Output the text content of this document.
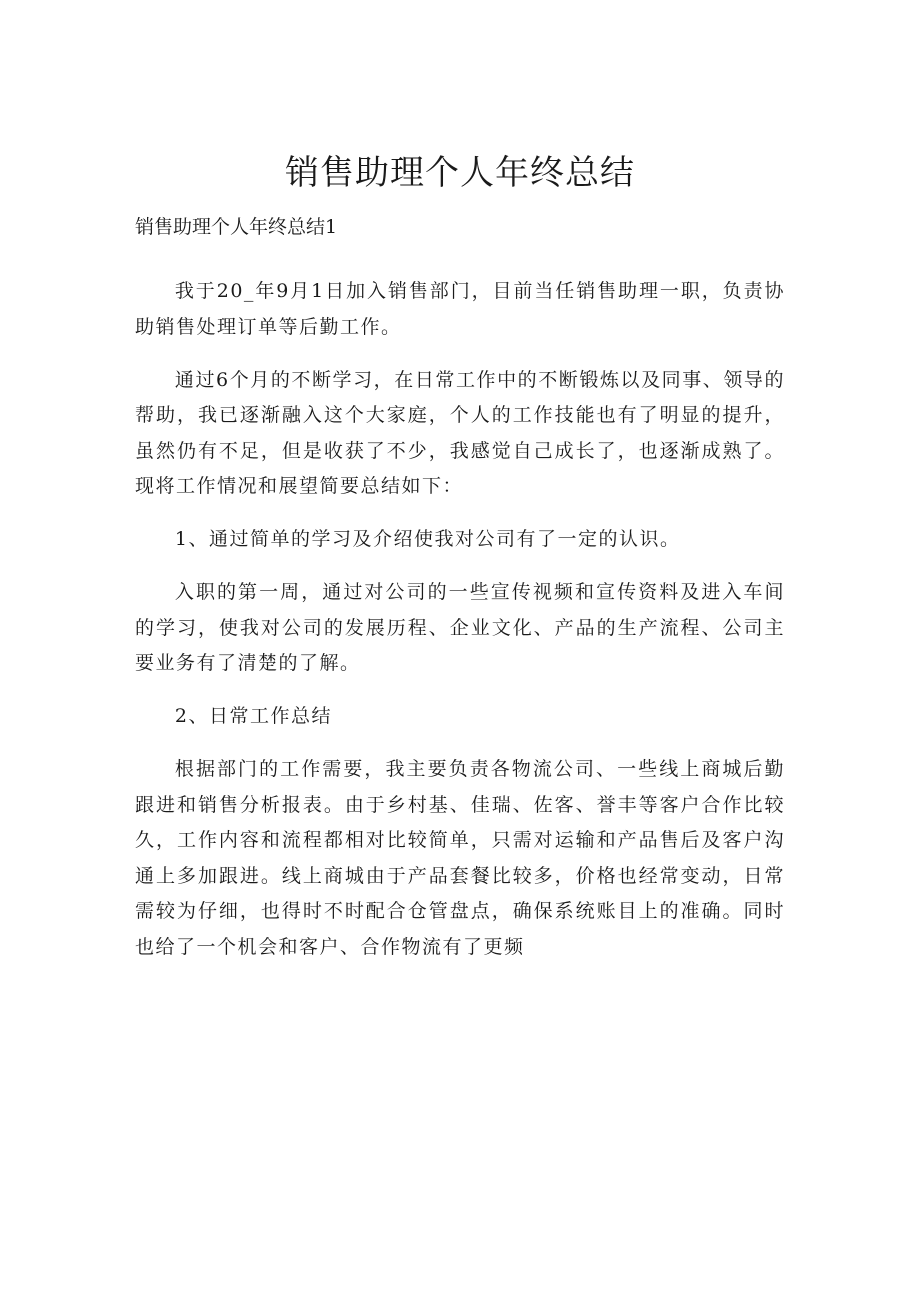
销售助理个人年终总结

销售助理个人年终总结1

我于20_年9月1日加入销售部门，目前当任销售助理一职，负责协助销售处理订单等后勤工作。

通过6个月的不断学习，在日常工作中的不断锻炼以及同事、领导的帮助，我已逐渐融入这个大家庭，个人的工作技能也有了明显的提升，虽然仍有不足，但是收获了不少，我感觉自己成长了，也逐渐成熟了。现将工作情况和展望简要总结如下：

1、通过简单的学习及介绍使我对公司有了一定的认识。

入职的第一周，通过对公司的一些宣传视频和宣传资料及进入车间的学习，使我对公司的发展历程、企业文化、产品的生产流程、公司主要业务有了清楚的了解。

2、日常工作总结

根据部门的工作需要，我主要负责各物流公司、一些线上商城后勤跟进和销售分析报表。由于乡村基、佳瑞、佐客、誉丰等客户合作比较久，工作内容和流程都相对比较简单，只需对运输和产品售后及客户沟通上多加跟进。线上商城由于产品套餐比较多，价格也经常变动，日常需较为仔细，也得时不时配合仓管盘点，确保系统账目上的准确。同时也给了一个机会和客户、合作物流有了更频
